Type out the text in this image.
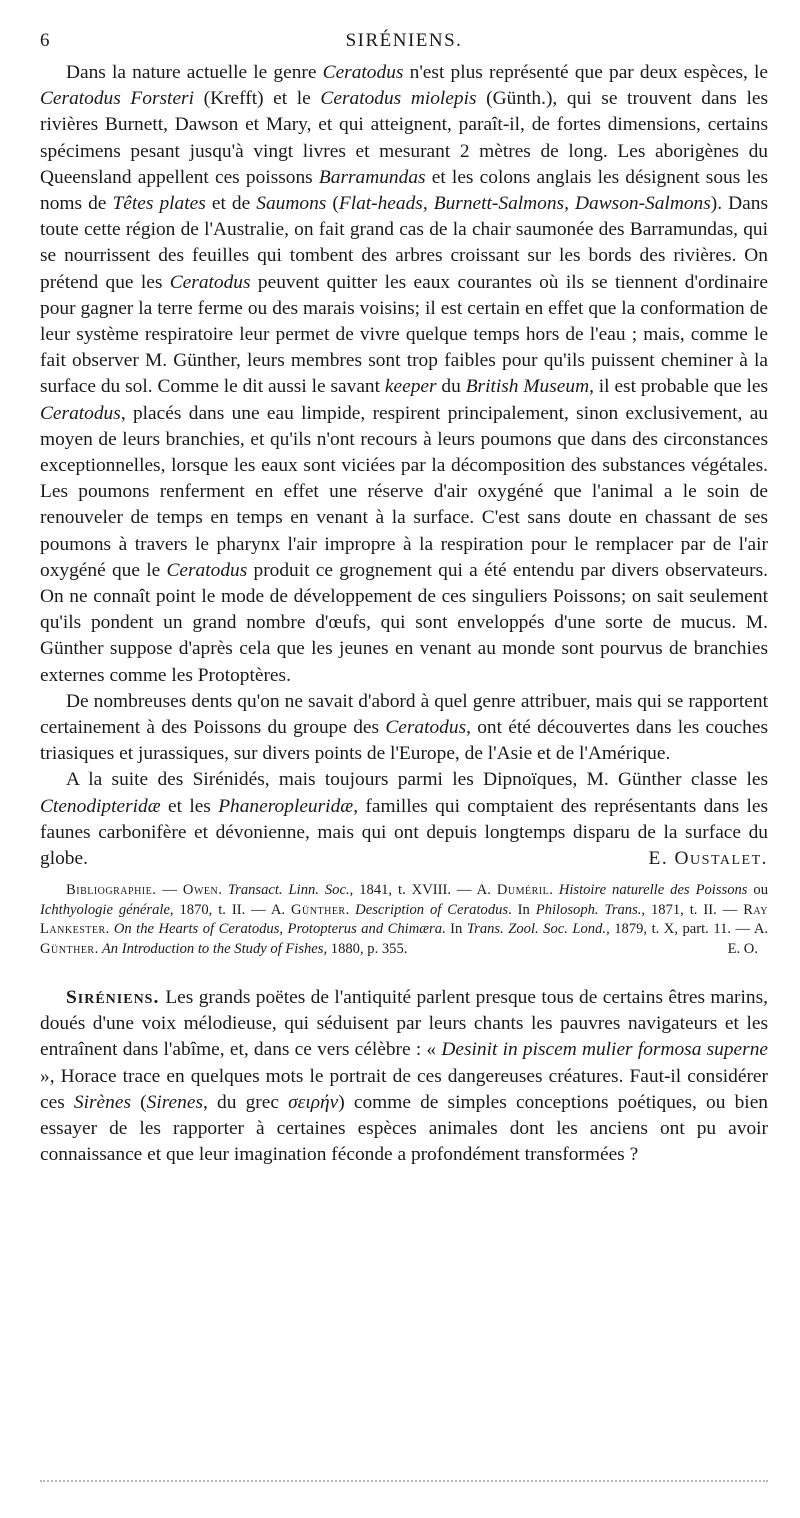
6	SIRÉNIENS.

Dans la nature actuelle le genre Ceratodus n'est plus représenté que par deux espèces, le Ceratodus Forsteri (Krefft) et le Ceratodus miolepis (Günth.), qui se trouvent dans les rivières Burnett, Dawson et Mary, et qui atteignent, paraît-il, de fortes dimensions, certains spécimens pesant jusqu'à vingt livres et mesurant 2 mètres de long. Les aborigènes du Queensland appellent ces poissons Barramundas et les colons anglais les désignent sous les noms de Têtes plates et de Saumons (Flat-heads, Burnett-Salmons, Dawson-Salmons). Dans toute cette région de l'Australie, on fait grand cas de la chair saumonée des Barramundas, qui se nourrissent des feuilles qui tombent des arbres croissant sur les bords des rivières. On prétend que les Ceratodus peuvent quitter les eaux courantes où ils se tiennent d'ordinaire pour gagner la terre ferme ou des marais voisins; il est certain en effet que la conformation de leur système respiratoire leur permet de vivre quelque temps hors de l'eau ; mais, comme le fait observer M. Günther, leurs membres sont trop faibles pour qu'ils puissent cheminer à la surface du sol. Comme le dit aussi le savant keeper du British Museum, il est probable que les Ceratodus, placés dans une eau limpide, respirent principalement, sinon exclusivement, au moyen de leurs branchies, et qu'ils n'ont recours à leurs poumons que dans des circonstances exceptionnelles, lorsque les eaux sont viciées par la décomposition des substances végétales. Les poumons renferment en effet une réserve d'air oxygéné que l'animal a le soin de renouveler de temps en temps en venant à la surface. C'est sans doute en chassant de ses poumons à travers le pharynx l'air impropre à la respiration pour le remplacer par de l'air oxygéné que le Ceratodus produit ce grognement qui a été entendu par divers observateurs. On ne connaît point le mode de développement de ces singuliers Poissons; on sait seulement qu'ils pondent un grand nombre d'œufs, qui sont enveloppés d'une sorte de mucus. M. Günther suppose d'après cela que les jeunes en venant au monde sont pourvus de branchies externes comme les Protoptères.

De nombreuses dents qu'on ne savait d'abord à quel genre attribuer, mais qui se rapportent certainement à des Poissons du groupe des Ceratodus, ont été découvertes dans les couches triasiques et jurassiques, sur divers points de l'Europe, de l'Asie et de l'Amérique.

A la suite des Sirénidés, mais toujours parmi les Dipnoïques, M. Günther classe les Ctenodipteridæ et les Phaneropleuridæ, familles qui comptaient des représentants dans les faunes carbonifère et dévonienne, mais qui ont depuis longtemps disparu de la surface du globe.	E. Oustalet.

Bibliographie. — Owen. Transact. Linn. Soc., 1841, t. XVIII. — A. Duméril. Histoire naturelle des Poissons ou Ichthyologie générale, 1870, t. II. — A. Günther. Description of Ceratodus. In Philosoph. Trans., 1871, t. II. — Ray Lankester. On the Hearts of Ceratodus, Protopterus and Chimæra. In Trans. Zool. Soc. Lond., 1879, t. X, part. 11. — A. Günther. An Introduction to the Study of Fishes, 1880, p. 355.	E. O.

Siréniens. Les grands poëtes de l'antiquité parlent presque tous de certains êtres marins, doués d'une voix mélodieuse, qui séduisent par leurs chants les pauvres navigateurs et les entraînent dans l'abîme, et, dans ce vers célèbre : « Desinit in piscem mulier formosa superne », Horace trace en quelques mots le portrait de ces dangereuses créatures. Faut-il considérer ces Sirènes (Sirenes, du grec σειρήν) comme de simples conceptions poétiques, ou bien essayer de les rapporter à certaines espèces animales dont les anciens ont pu avoir connaissance et que leur imagination féconde a profondément transformées ?
